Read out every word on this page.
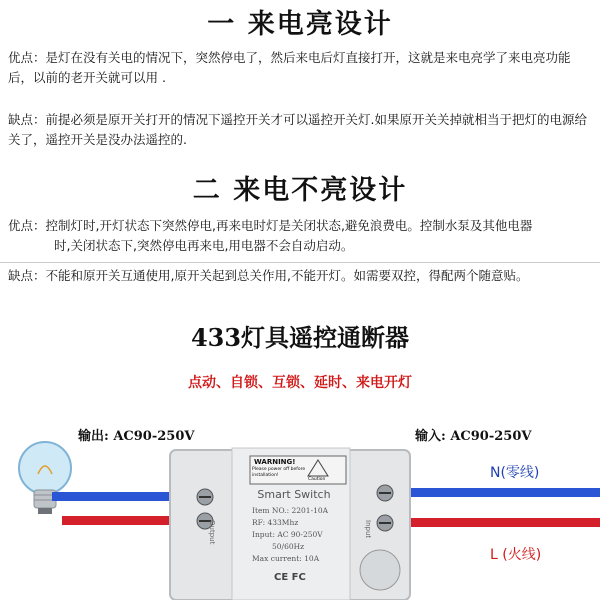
一 来电亮设计
优点：是灯在没有关电的情况下，突然停电了，然后来电后灯直接打开，这就是来电亮学了来电亮功能后，以前的老开关就可以用 .
缺点：前提必须是原开关打开的情况下遥控开关才可以遥控开关灯.如果原开关关掉就相当于把灯的电源给关了，遥控开关是没办法遥控的.
二 来电不亮设计
优点：控制灯时,开灯状态下突然停电,再来电时灯是关闭状态,避免浪费电。控制水泵及其他电器
时,关闭状态下,突然停电再来电,用电器不会自动启动。
缺点：不能和原开关互通使用,原开关起到总关作用,不能开灯。如需要双控，得配两个随意贴。
433灯具遥控通断器
点动、自锁、互锁、延时、来电开灯
输出: AC90-250V	输入: AC90-250V
N(零线)
L (火线)
WARNING!
Please power off before installation!
Caution
Smart Switch
Item NO.: 2201-10A
RF: 433Mhz
Input: AC 90-250V
50/60Hz
Max current: 10A
CE FC
Output	Input
